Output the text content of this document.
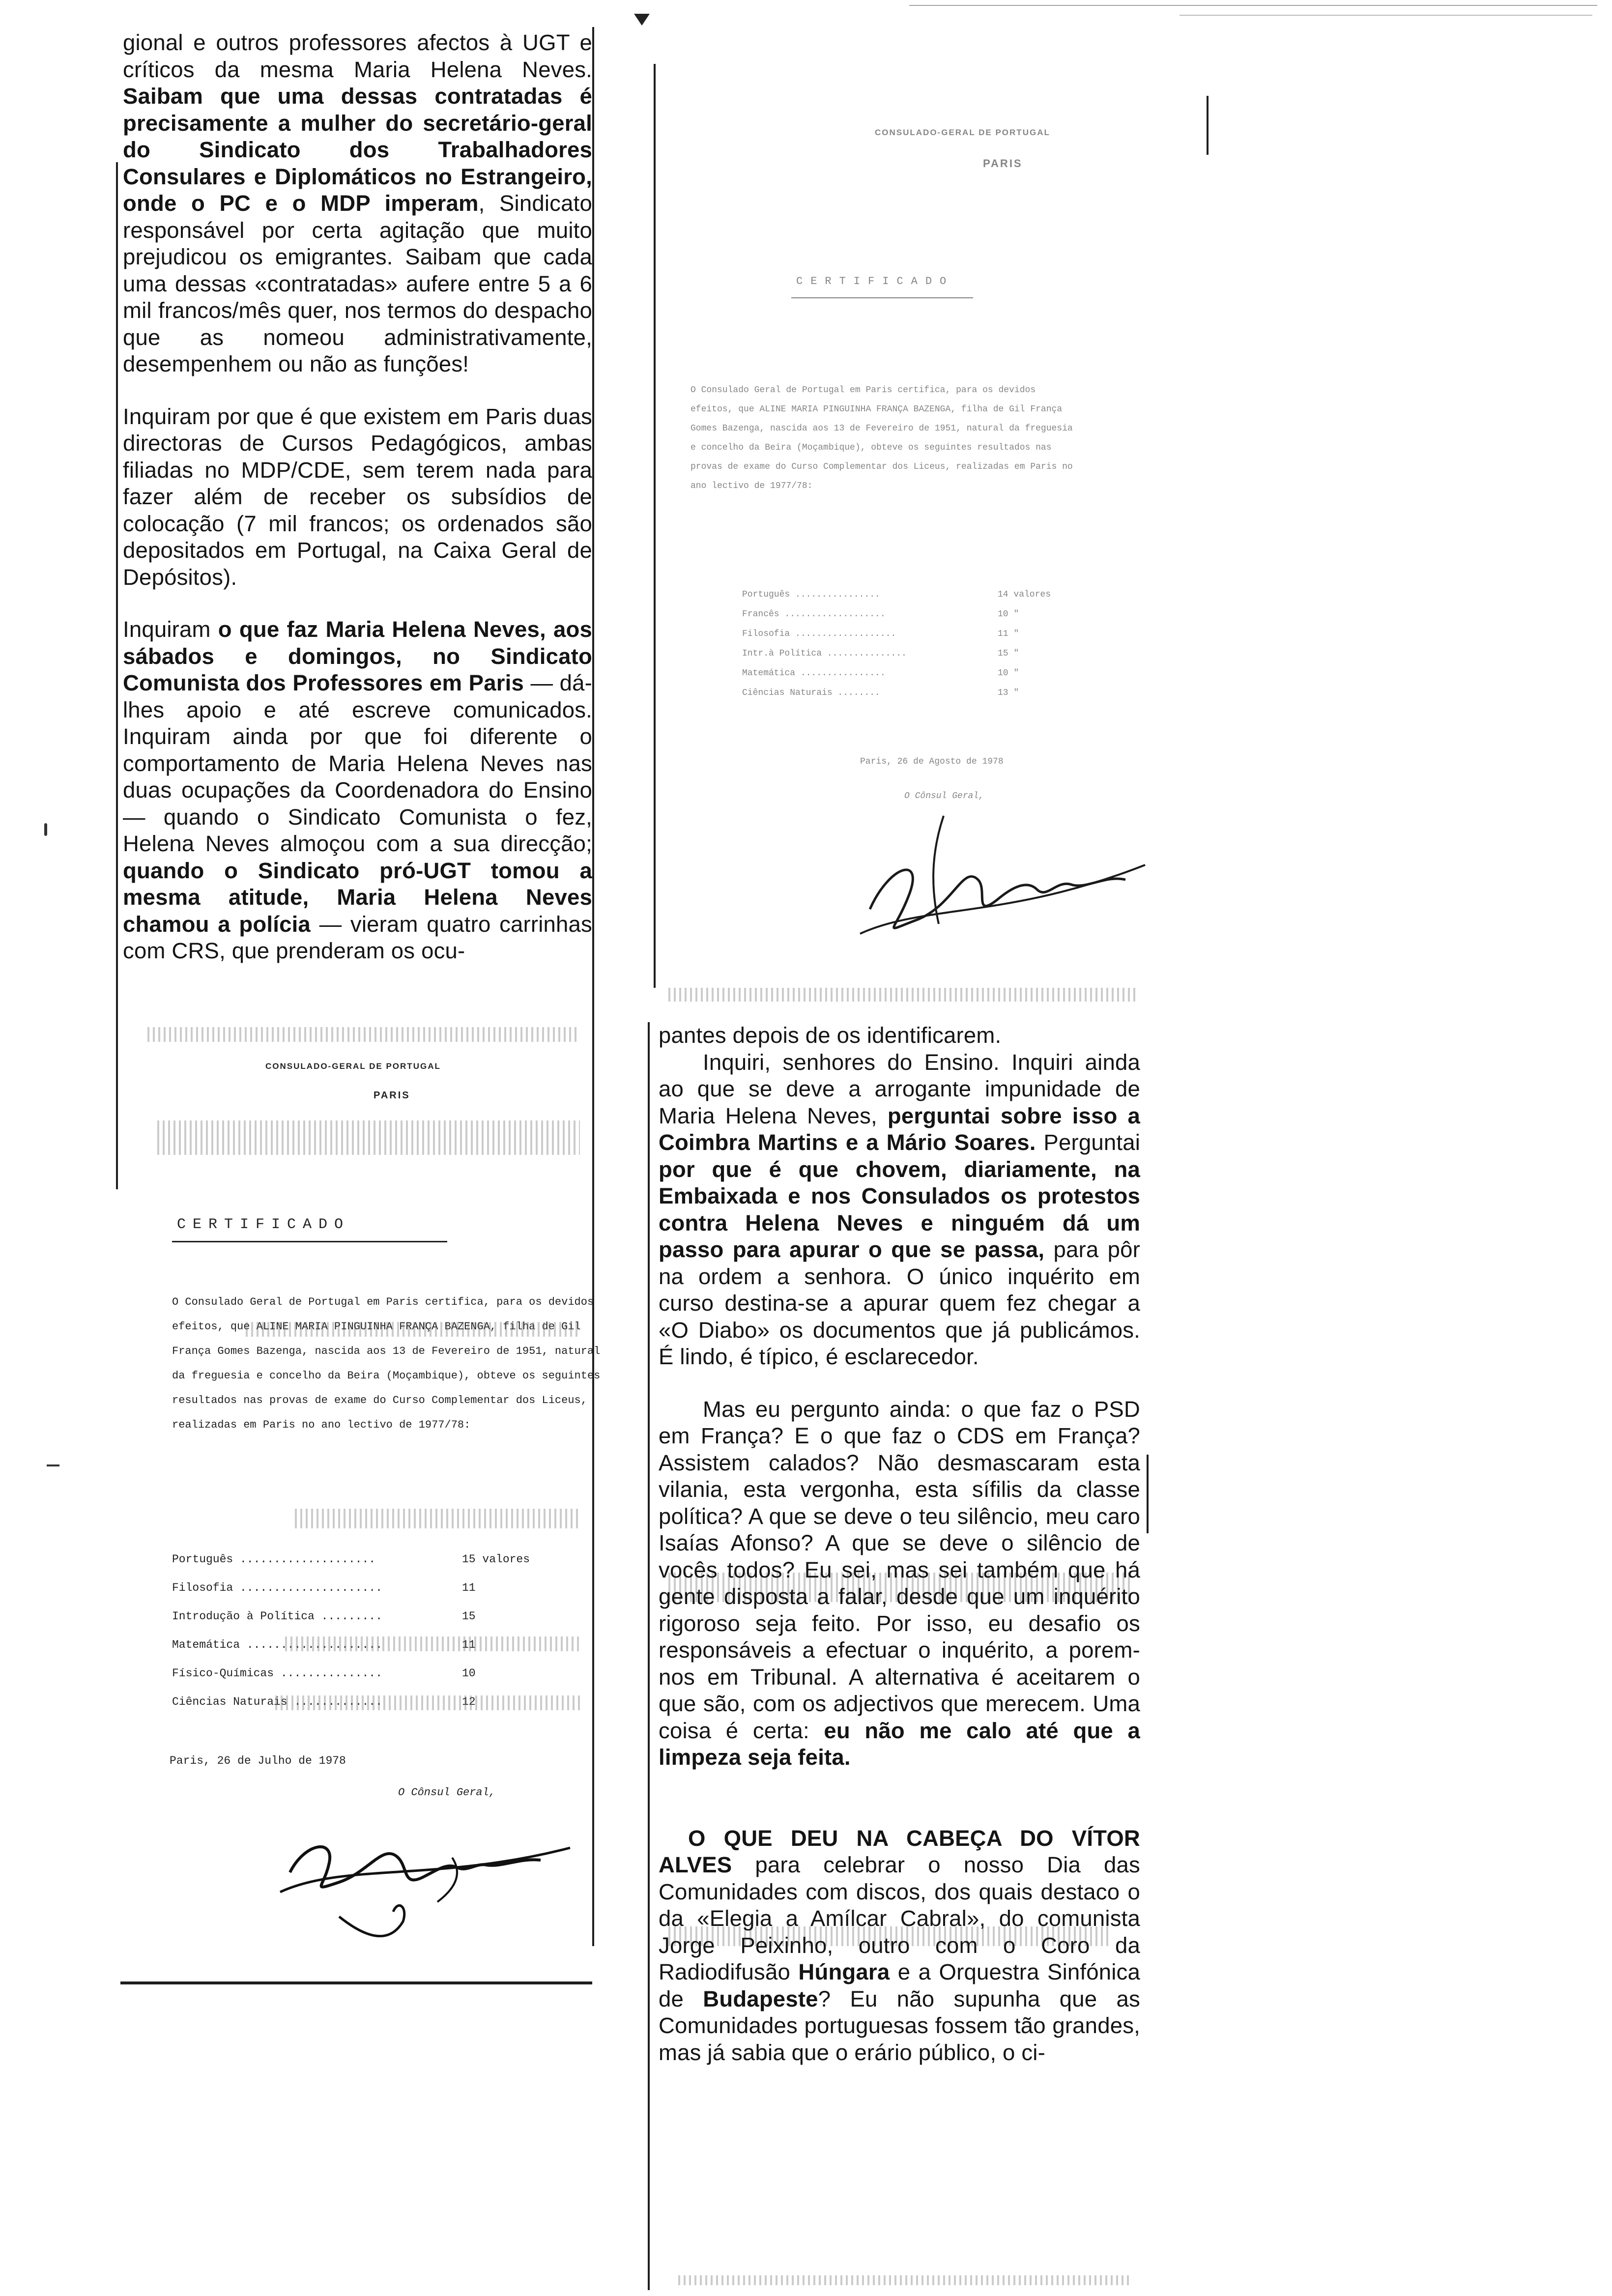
gional e outros professores afectos à UGT e críticos da mesma Maria Helena Neves. Saibam que uma dessas contratadas é precisamente a mulher do secretário-geral do Sindicato dos Trabalhadores Consulares e Diplomáticos no Estrangeiro, onde o PC e o MDP imperam, Sindicato responsável por certa agitação que muito prejudicou os emigrantes. Saibam que cada uma dessas «contratadas» aufere entre 5 a 6 mil francos/mês quer, nos termos do despacho que as nomeou administrativamente, desempenhem ou não as funções!

Inquiram por que é que existem em Paris duas directoras de Cursos Pedagógicos, ambas filiadas no MDP/CDE, sem terem nada para fazer além de receber os subsídios de colocação (7 mil francos; os ordenados são depositados em Portugal, na Caixa Geral de Depósitos).

Inquiram o que faz Maria Helena Neves, aos sábados e domingos, no Sindicato Comunista dos Professores em Paris — dá-lhes apoio e até escreve comunicados. Inquiram ainda por que foi diferente o comportamento de Maria Helena Neves nas duas ocupações da Coordenadora do Ensino — quando o Sindicato Comunista o fez, Helena Neves almoçou com a sua direcção; quando o Sindicato pró-UGT tomou a mesma atitude, Maria Helena Neves chamou a polícia — vieram quatro carrinhas com CRS, que prenderam os ocu-

CONSULADO-GERAL DE PORTUGAL
PARIS
CERTIFICADO
O Consulado Geral de Portugal em Paris certifica, para os devidos efeitos, que ALINE MARIA PINGUINHA FRANÇA BAZENGA, filha de Gil França Gomes Bazenga, nascida aos 13 de Fevereiro de 1951, natural da freguesia e concelho da Beira (Moçambique), obteve os seguintes resultados nas provas de exame do Curso Complementar dos Liceus, realizadas em Paris no ano lectivo de 1977/78:
Português ................	14 valores
Francês ...................	10 "
Filosofia ...................	11 "
Intr.à Política ...............	15 "
Matemática ................	10 "
Ciências Naturais ........	13 "
Paris, 26 de Agosto de 1978
O Cônsul Geral,
CONSULADO-GERAL DE PORTUGAL
PARIS
CERTIFICADO
O Consulado Geral de Portugal em Paris certifica, para os devidos efeitos, que ALINE MARIA PINGUINHA FRANÇA BAZENGA, filha de Gil França Gomes Bazenga, nascida aos 13 de Fevereiro de 1951, natural da freguesia e concelho da Beira (Moçambique), obteve os seguintes resultados nas provas de exame do Curso Complementar dos Liceus, realizadas em Paris no ano lectivo de 1977/78:
Português ....................	15 valores
Filosofia .....................	11
Introdução à Política .........	15
Matemática ....................	11
Físico-Químicas ...............	10
Ciências Naturais .............	12
Paris, 26 de Julho de 1978
O Cônsul Geral,

pantes depois de os identificarem.

Inquiri, senhores do Ensino. Inquiri ainda ao que se deve a arrogante impunidade de Maria Helena Neves, perguntai sobre isso a Coimbra Martins e a Mário Soares. Perguntai por que é que chovem, diariamente, na Embaixada e nos Consulados os protestos contra Helena Neves e ninguém dá um passo para apurar o que se passa, para pôr na ordem a senhora. O único inquérito em curso destina-se a apurar quem fez chegar a «O Diabo» os documentos que já publicámos. É lindo, é típico, é esclarecedor.

Mas eu pergunto ainda: o que faz o PSD em França? E o que faz o CDS em França? Assistem calados? Não desmascaram esta vilania, esta vergonha, esta sífilis da classe política? A que se deve o teu silêncio, meu caro Isaías Afonso? A que se deve o silêncio de vocês todos? Eu sei, mas sei também que há gente disposta a falar, desde que um inquérito rigoroso seja feito. Por isso, eu desafio os responsáveis a efectuar o inquérito, a porem-nos em Tribunal. A alternativa é aceitarem o que são, com os adjectivos que merecem. Uma coisa é certa: eu não me calo até que a limpeza seja feita.

O QUE DEU NA CABEÇA DO VÍTOR ALVES para celebrar o nosso Dia das Comunidades com discos, dos quais destaco o da «Elegia a Amílcar Cabral», do comunista Jorge Peixinho, outro com o Coro da Radiodifusão Húngara e a Orquestra Sinfónica de Budapeste? Eu não supunha que as Comunidades portuguesas fossem tão grandes, mas já sabia que o erário público, o ci-
